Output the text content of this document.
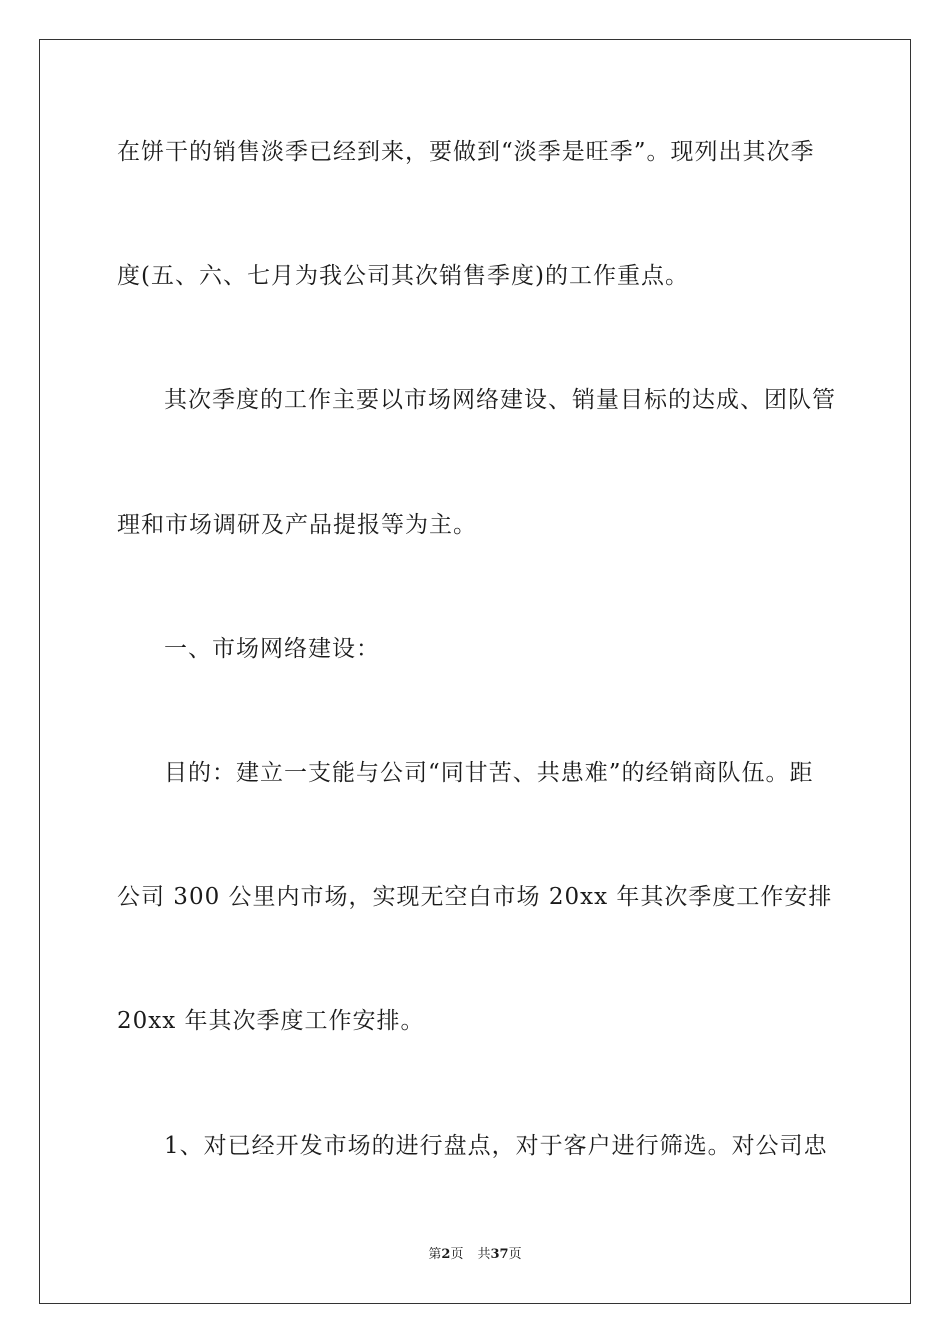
在饼干的销售淡季已经到来，要做到“淡季是旺季”。现列出其次季
度(五、六、七月为我公司其次销售季度)的工作重点。
其次季度的工作主要以市场网络建设、销量目标的达成、团队管
理和市场调研及产品提报等为主。
一、市场网络建设：
目的：建立一支能与公司“同甘苦、共患难”的经销商队伍。距
公司 300 公里内市场，实现无空白市场 20xx 年其次季度工作安排
20xx 年其次季度工作安排。
1、对已经开发市场的进行盘点，对于客户进行筛选。对公司忠
第2页 共37页
